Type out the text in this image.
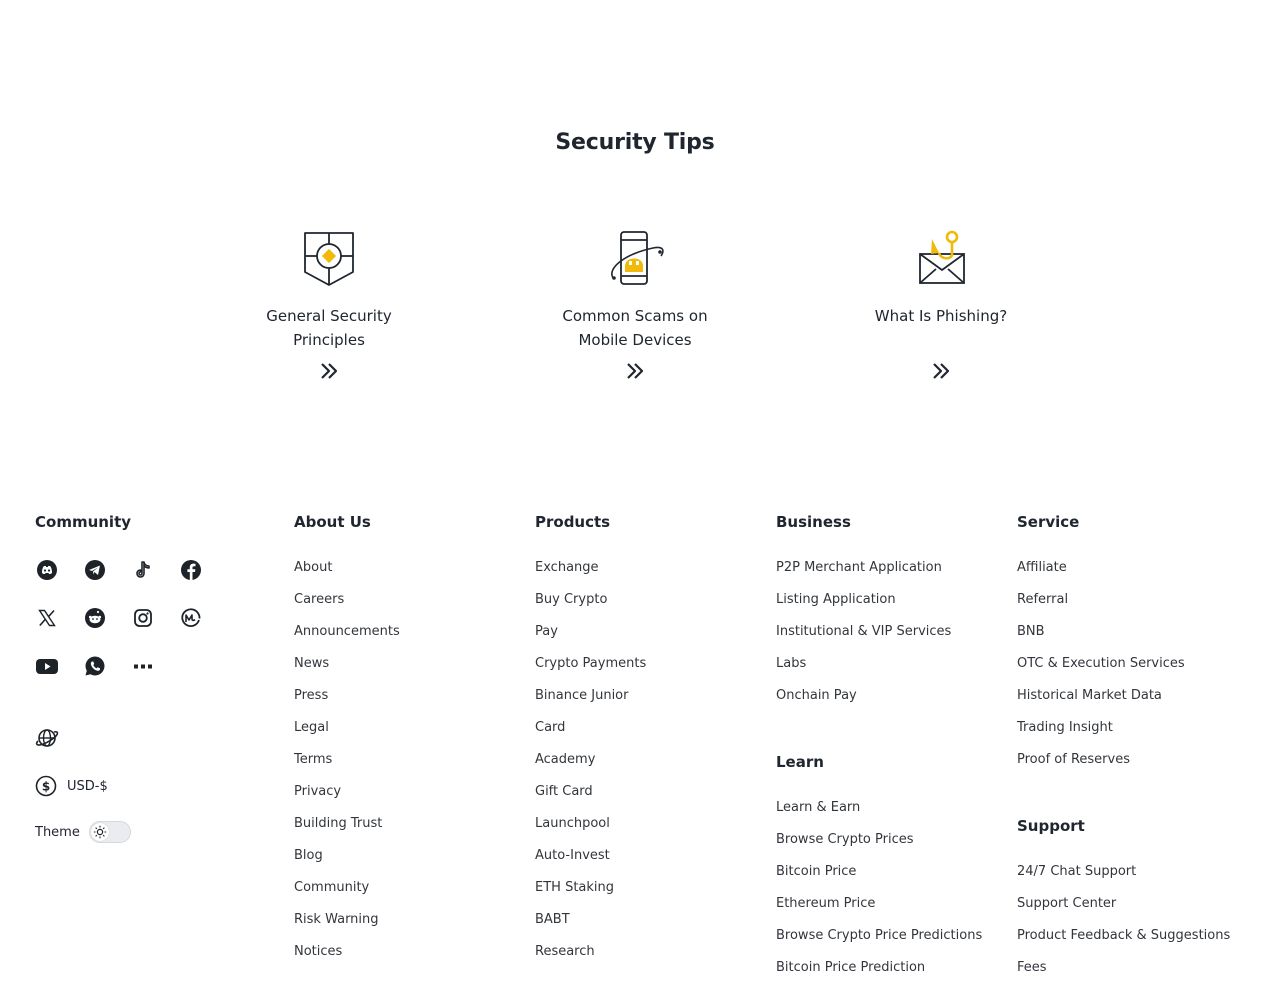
Security Tips
General Security
Principles
Common Scams on
Mobile Devices
What Is Phishing?

Community
$ USD-$
Theme
About Us
About
Careers
Announcements
News
Press
Legal
Terms
Privacy
Building Trust
Blog
Community
Risk Warning
Notices
Products
Exchange
Buy Crypto
Pay
Crypto Payments
Binance Junior
Card
Academy
Gift Card
Launchpool
Auto-Invest
ETH Staking
BABT
Research
Business
P2P Merchant Application
Listing Application
Institutional & VIP Services
Labs
Onchain Pay
Learn
Learn & Earn
Browse Crypto Prices
Bitcoin Price
Ethereum Price
Browse Crypto Price Predictions
Bitcoin Price Prediction
Service
Affiliate
Referral
BNB
OTC & Execution Services
Historical Market Data
Trading Insight
Proof of Reserves
Support
24/7 Chat Support
Support Center
Product Feedback & Suggestions
Fees
